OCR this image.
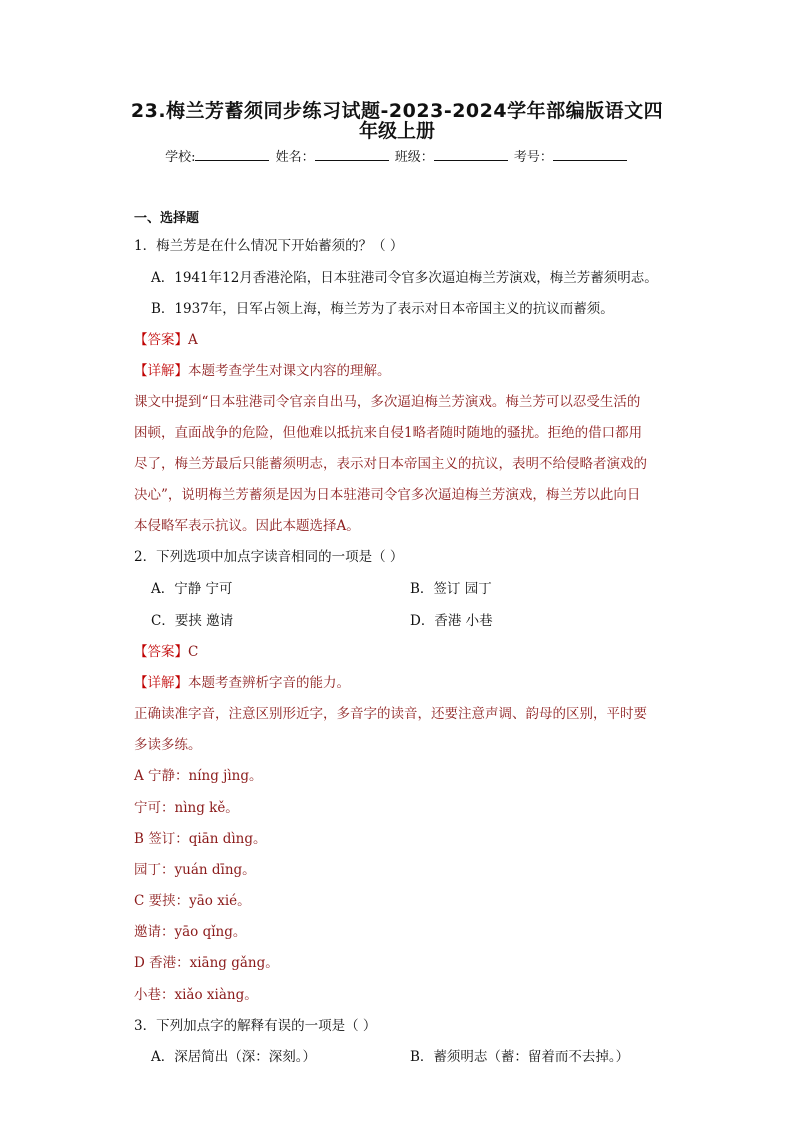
23.梅兰芳蓄须同步练习试题-2023-2024学年部编版语文四
年级上册
学校:	姓名：	班级：	考号：
一、选择题
1．梅兰芳是在什么情况下开始蓄须的？（ ）
A．1941年12月香港沦陷，日本驻港司令官多次逼迫梅兰芳演戏，梅兰芳蓄须明志。
B．1937年，日军占领上海，梅兰芳为了表示对日本帝国主义的抗议而蓄须。
【答案】A
【详解】本题考查学生对课文内容的理解。
课文中提到“日本驻港司令官亲自出马，多次逼迫梅兰芳演戏。梅兰芳可以忍受生活的
困顿，直面战争的危险，但他难以抵抗来自侵1略者随时随地的骚扰。拒绝的借口都用
尽了，梅兰芳最后只能蓄须明志，表示对日本帝国主义的抗议，表明不给侵略者演戏的
决心”，说明梅兰芳蓄须是因为日本驻港司令官多次逼迫梅兰芳演戏，梅兰芳以此向日
本侵略军表示抗议。因此本题选择A。
2．下列选项中加点字读音相同的一项是（ ）
A．宁静 宁可	B．签订 园丁
C．要挟 邀请	D．香港 小巷
【答案】C
【详解】本题考查辨析字音的能力。
正确读准字音，注意区别形近字，多音字的读音，还要注意声调、韵母的区别，平时要
多读多练。
A 宁静：níng jìng。
宁可：nìng kě。
B 签订：qiān dìng。
园丁：yuán dīng。
C 要挟：yāo xié。
邀请：yāo qǐng。
D 香港：xiāng gǎng。
小巷：xiǎo xiàng。
3．下列加点字的解释有误的一项是（ ）
A．深居简出（深：深刻。）	B．蓄须明志（蓄：留着而不去掉。）
